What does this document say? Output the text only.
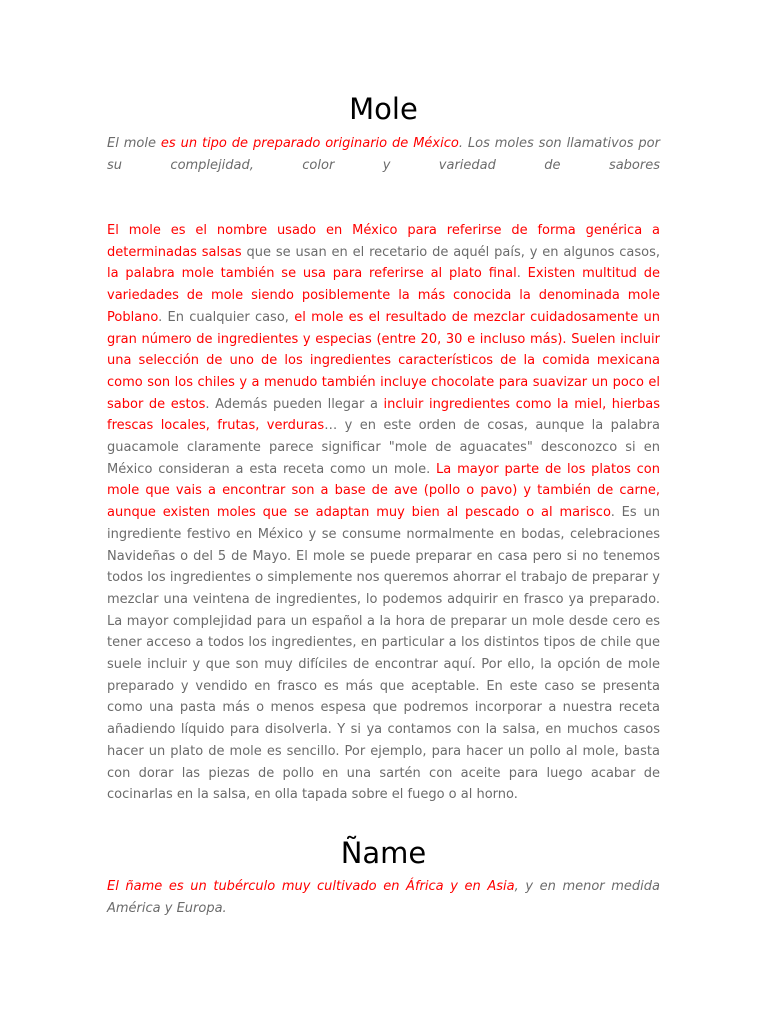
Mole

El mole es un tipo de preparado originario de México. Los moles son llamativos por su complejidad, color y variedad de sabores

El mole es el nombre usado en México para referirse de forma genérica a determinadas salsas que se usan en el recetario de aquél país, y en algunos casos, la palabra mole también se usa para referirse al plato final. Existen multitud de variedades de mole siendo posiblemente la más conocida la denominada mole Poblano. En cualquier caso, el mole es el resultado de mezclar cuidadosamente un gran número de ingredientes y especias (entre 20, 30 e incluso más). Suelen incluir una selección de uno de los ingredientes característicos de la comida mexicana como son los chiles y a menudo también incluye chocolate para suavizar un poco el sabor de estos. Además pueden llegar a incluir ingredientes como la miel, hierbas frescas locales, frutas, verduras… y en este orden de cosas, aunque la palabra guacamole claramente parece significar "mole de aguacates" desconozco si en México consideran a esta receta como un mole. La mayor parte de los platos con mole que vais a encontrar son a base de ave (pollo o pavo) y también de carne, aunque existen moles que se adaptan muy bien al pescado o al marisco. Es un ingrediente festivo en México y se consume normalmente en bodas, celebraciones Navideñas o del 5 de Mayo. El mole se puede preparar en casa pero si no tenemos todos los ingredientes o simplemente nos queremos ahorrar el trabajo de preparar y mezclar una veintena de ingredientes, lo podemos adquirir en frasco ya preparado. La mayor complejidad para un español a la hora de preparar un mole desde cero es tener acceso a todos los ingredientes, en particular a los distintos tipos de chile que suele incluir y que son muy difíciles de encontrar aquí. Por ello, la opción de mole preparado y vendido en frasco es más que aceptable. En este caso se presenta como una pasta más o menos espesa que podremos incorporar a nuestra receta añadiendo líquido para disolverla. Y si ya contamos con la salsa, en muchos casos hacer un plato de mole es sencillo. Por ejemplo, para hacer un pollo al mole, basta con dorar las piezas de pollo en una sartén con aceite para luego acabar de cocinarlas en la salsa, en olla tapada sobre el fuego o al horno.

Ñame

El ñame es un tubérculo muy cultivado en África y en Asia, y en menor medida América y Europa.
